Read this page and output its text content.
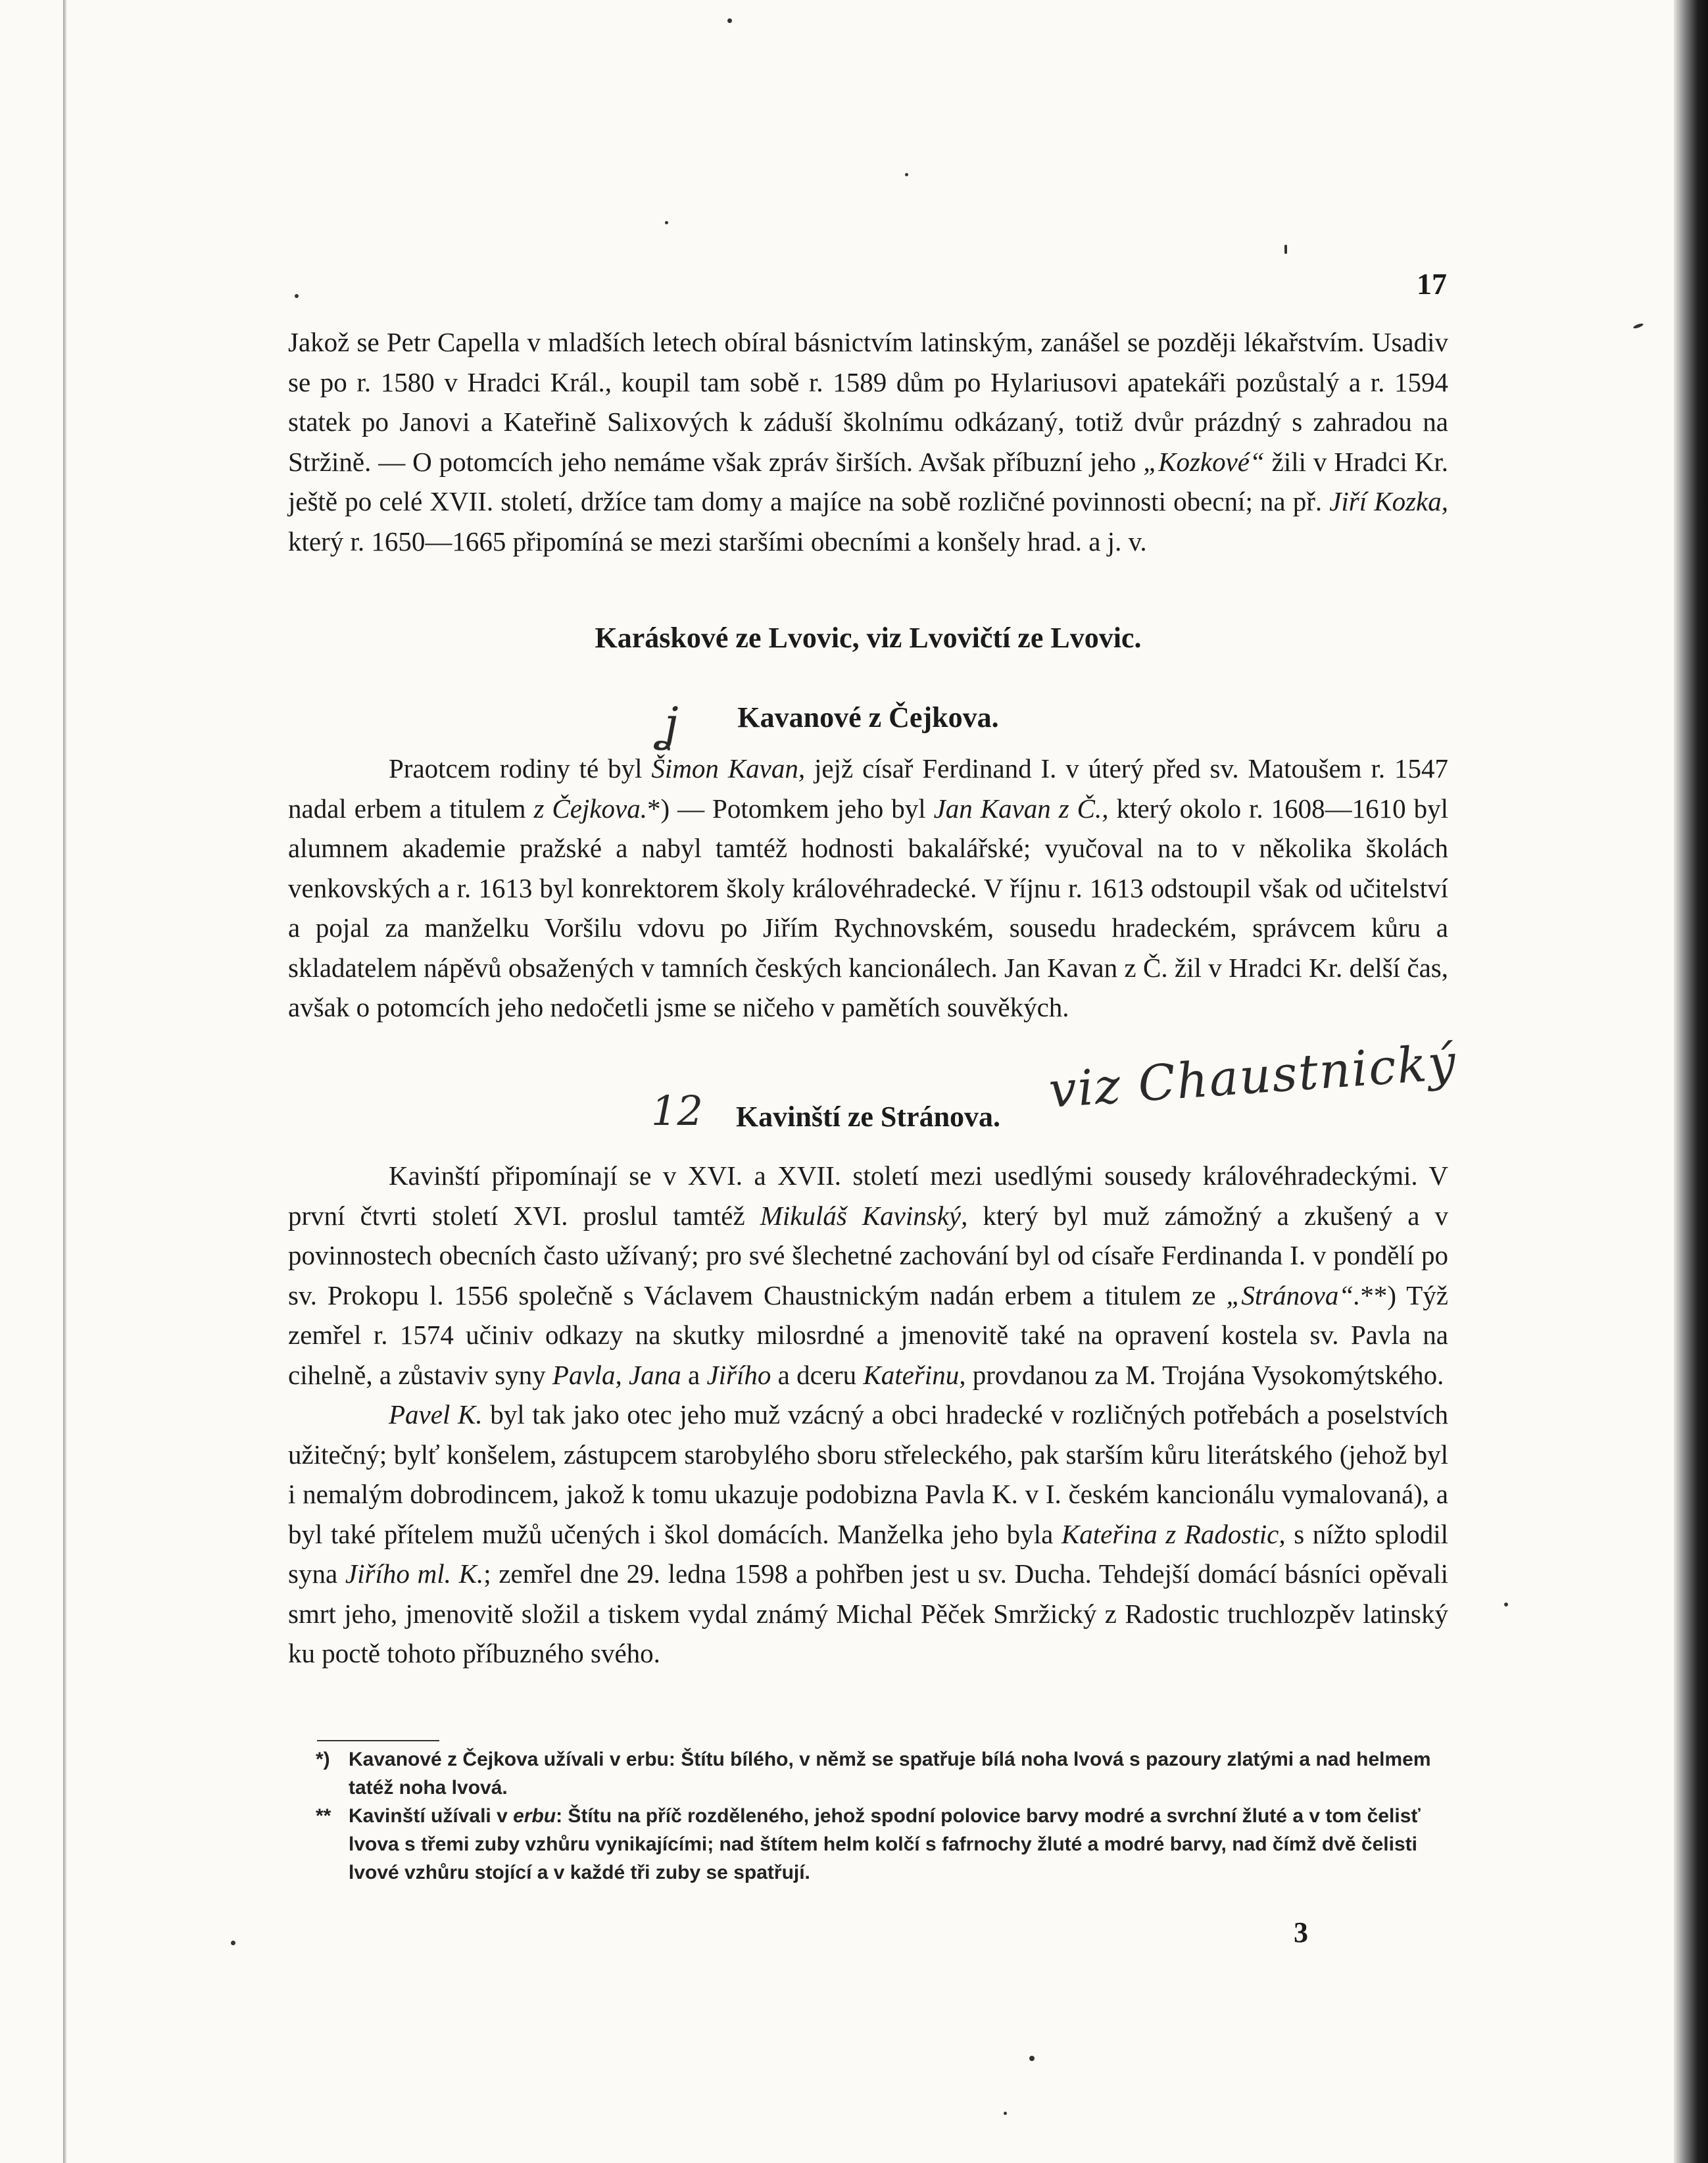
17

Jakož se Petr Capella v mladších letech obíral básnictvím latinským, zanášel se později lékařstvím. Usadiv se po r. 1580 v Hradci Král., koupil tam sobě r. 1589 dům po Hylariusovi apatekáři pozůstalý a r. 1594 statek po Janovi a Kateřině Salixových k záduší školnímu odkázaný, totiž dvůr prázdný s zahradou na Stržině. — O potomcích jeho nemáme však zpráv širších. Avšak příbuzní jeho „Kozkové“ žili v Hradci Kr. ještě po celé XVII. století, držíce tam domy a majíce na sobě rozličné povinnosti obecní; na př. Jiří Kozka, který r. 1650—1665 připomíná se mezi staršími obecními a konšely hrad. a j. v.

Karáskové ze Lvovic, viz Lvovičtí ze Lvovic.
ʝ	Kavanové z Čejkova.

Praotcem rodiny té byl Šimon Kavan, jejž císař Ferdinand I. v úterý před sv. Matoušem r. 1547 nadal erbem a titulem z Čejkova.*) — Potomkem jeho byl Jan Kavan z Č., který okolo r. 1608—1610 byl alumnem akademie pražské a nabyl tamtéž hodnosti bakalářské; vyučoval na to v několika školách venkovských a r. 1613 byl konrektorem školy královéhradecké. V říjnu r. 1613 odstoupil však od učitelství a pojal za manželku Voršilu vdovu po Jiřím Rychnovském, sousedu hradeckém, správcem kůru a skladatelem nápěvů obsažených v tamních českých kancionálech. Jan Kavan z Č. žil v Hradci Kr. delší čas, avšak o potomcích jeho nedočetli jsme se ničeho v pamětích souvěkých.

12	Kavinští ze Stránova. viz Chaustnický

Kavinští připomínají se v XVI. a XVII. století mezi usedlými sousedy královéhradeckými. V první čtvrti století XVI. proslul tamtéž Mikuláš Kavinský, který byl muž zámožný a zkušený a v povinnostech obecních často užívaný; pro své šlechetné zachování byl od císaře Ferdinanda I. v pondělí po sv. Prokopu l. 1556 společně s Václavem Chaustnickým nadán erbem a titulem ze „Stránova“.**) Týž zemřel r. 1574 učiniv odkazy na skutky milosrdné a jmenovitě také na opravení kostela sv. Pavla na cihelně, a zůstaviv syny Pavla, Jana a Jiřího a dceru Kateřinu, provdanou za M. Trojána Vysokomýtského.

Pavel K. byl tak jako otec jeho muž vzácný a obci hradecké v rozličných potřebách a poselstvích užitečný; bylť konšelem, zástupcem starobylého sboru střeleckého, pak starším kůru literátského (jehož byl i nemalým dobrodincem, jakož k tomu ukazuje podobizna Pavla K. v I. českém kancionálu vymalovaná), a byl také přítelem mužů učených i škol domácích. Manželka jeho byla Kateřina z Radostic, s nížto splodil syna Jiřího ml. K.; zemřel dne 29. ledna 1598 a pohřben jest u sv. Ducha. Tehdejší domácí básníci opěvali smrt jeho, jmenovitě složil a tiskem vydal známý Michal Pěček Smržický z Radostic truchlozpěv latinský ku poctě tohoto příbuzného svého.

*) Kavanové z Čejkova užívali v erbu: Štítu bílého, v němž se spatřuje bílá noha lvová s pazoury zlatými a nad helmem tatéž noha lvová.
** Kavinští užívali v erbu: Štítu na příč rozděleného, jehož spodní polovice barvy modré a svrchní žluté a v tom čelisť lvova s třemi zuby vzhůru vynikajícími; nad štítem helm kolčí s fafrnochy žluté a modré barvy, nad čímž dvě čelisti lvové vzhůru stojící a v každé tři zuby se spatřují.
3
